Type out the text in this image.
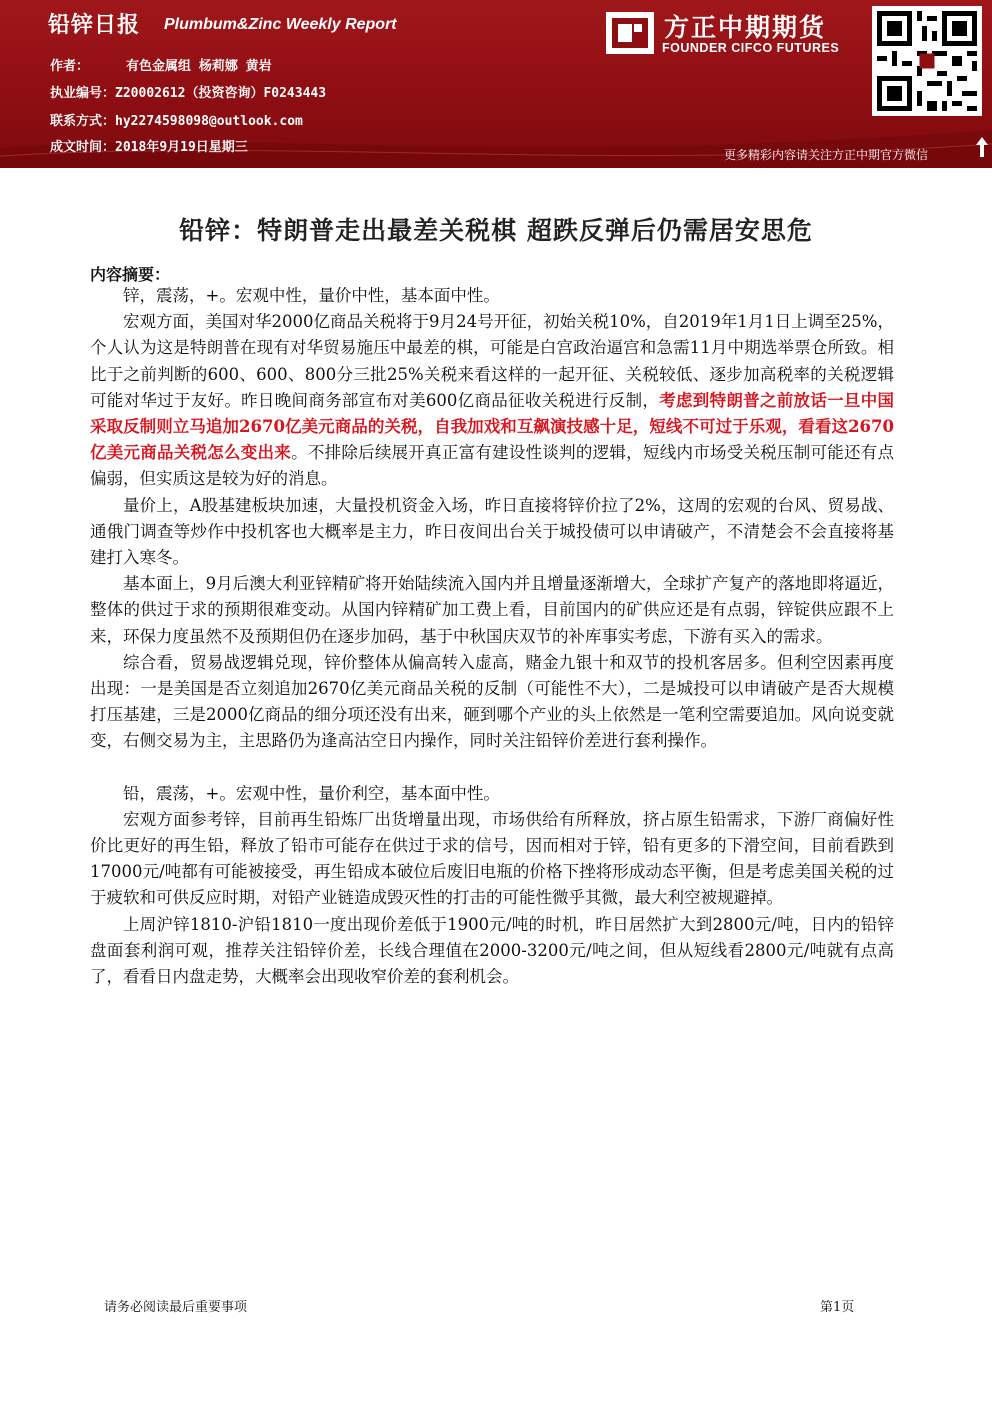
铅锌日报 Plumbum&Zinc Weekly Report
作者：	有色金属组 杨莉娜 黄岩
执业编号：Z20002612（投资咨询）F0243443
联系方式：hy2274598098@outlook.com
成文时间：2018年9月19日星期三
方正中期期货
FOUNDER CIFCO FUTURES
更多精彩内容请关注方正中期官方微信
铅锌：特朗普走出最差关税棋 超跌反弹后仍需居安思危
内容摘要：

锌，震荡，+。宏观中性，量价中性，基本面中性。

宏观方面，美国对华2000亿商品关税将于9月24号开征，初始关税10%，自2019年1月1日上调至25%，个人认为这是特朗普在现有对华贸易施压中最差的棋，可能是白宫政治逼宫和急需11月中期选举票仓所致。相比于之前判断的600、600、800分三批25%关税来看这样的一起开征、关税较低、逐步加高税率的关税逻辑可能对华过于友好。昨日晚间商务部宣布对美600亿商品征收关税进行反制，考虑到特朗普之前放话一旦中国采取反制则立马追加2670亿美元商品的关税，自我加戏和互飙演技感十足，短线不可过于乐观，看看这2670亿美元商品关税怎么变出来。不排除后续展开真正富有建设性谈判的逻辑，短线内市场受关税压制可能还有点偏弱，但实质这是较为好的消息。

量价上，A股基建板块加速，大量投机资金入场，昨日直接将锌价拉了2%，这周的宏观的台风、贸易战、通俄门调查等炒作中投机客也大概率是主力，昨日夜间出台关于城投债可以申请破产，不清楚会不会直接将基建打入寒冬。

基本面上，9月后澳大利亚锌精矿将开始陆续流入国内并且增量逐渐增大，全球扩产复产的落地即将逼近，整体的供过于求的预期很难变动。从国内锌精矿加工费上看，目前国内的矿供应还是有点弱，锌锭供应跟不上来，环保力度虽然不及预期但仍在逐步加码，基于中秋国庆双节的补库事实考虑，下游有买入的需求。

综合看，贸易战逻辑兑现，锌价整体从偏高转入虚高，赌金九银十和双节的投机客居多。但利空因素再度出现：一是美国是否立刻追加2670亿美元商品关税的反制（可能性不大），二是城投可以申请破产是否大规模打压基建，三是2000亿商品的细分项还没有出来，砸到哪个产业的头上依然是一笔利空需要追加。风向说变就变，右侧交易为主，主思路仍为逢高沽空日内操作，同时关注铅锌价差进行套利操作。

铅，震荡，+。宏观中性，量价利空，基本面中性。

宏观方面参考锌，目前再生铅炼厂出货增量出现，市场供给有所释放，挤占原生铅需求，下游厂商偏好性价比更好的再生铅，释放了铅市可能存在供过于求的信号，因而相对于锌，铅有更多的下滑空间，目前看跌到17000元/吨都有可能被接受，再生铅成本破位后废旧电瓶的价格下挫将形成动态平衡，但是考虑美国关税的过于疲软和可供反应时期，对铅产业链造成毁灭性的打击的可能性微乎其微，最大利空被规避掉。

上周沪锌1810-沪铅1810一度出现价差低于1900元/吨的时机，昨日居然扩大到2800元/吨，日内的铅锌盘面套利润可观，推荐关注铅锌价差，长线合理值在2000-3200元/吨之间，但从短线看2800元/吨就有点高了，看看日内盘走势，大概率会出现收窄价差的套利机会。

请务必阅读最后重要事项	第1页
